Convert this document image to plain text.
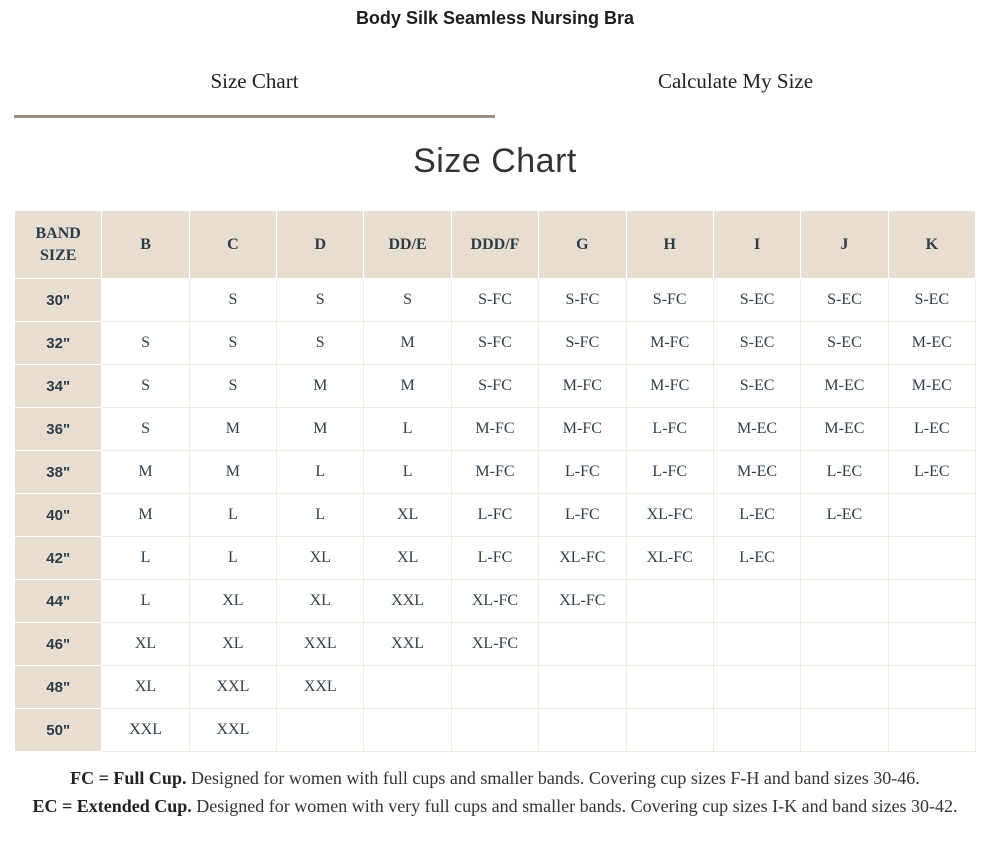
Body Silk Seamless Nursing Bra
Size Chart	Calculate My Size
Size Chart
BAND SIZE	B	C	D	DD/E	DDD/F	G	H	I	J	K
30"		S	S	S	S-FC	S-FC	S-FC	S-EC	S-EC	S-EC
32"	S	S	S	M	S-FC	S-FC	M-FC	S-EC	S-EC	M-EC
34"	S	S	M	M	S-FC	M-FC	M-FC	S-EC	M-EC	M-EC
36"	S	M	M	L	M-FC	M-FC	L-FC	M-EC	M-EC	L-EC
38"	M	M	L	L	M-FC	L-FC	L-FC	M-EC	L-EC	L-EC
40"	M	L	L	XL	L-FC	L-FC	XL-FC	L-EC	L-EC	
42"	L	L	XL	XL	L-FC	XL-FC	XL-FC	L-EC		
44"	L	XL	XL	XXL	XL-FC	XL-FC				
46"	XL	XL	XXL	XXL	XL-FC					
48"	XL	XXL	XXL							
50"	XXL	XXL								

FC = Full Cup. Designed for women with full cups and smaller bands. Covering cup sizes F-H and band sizes 30-46.

EC = Extended Cup. Designed for women with very full cups and smaller bands. Covering cup sizes I-K and band sizes 30-42.
